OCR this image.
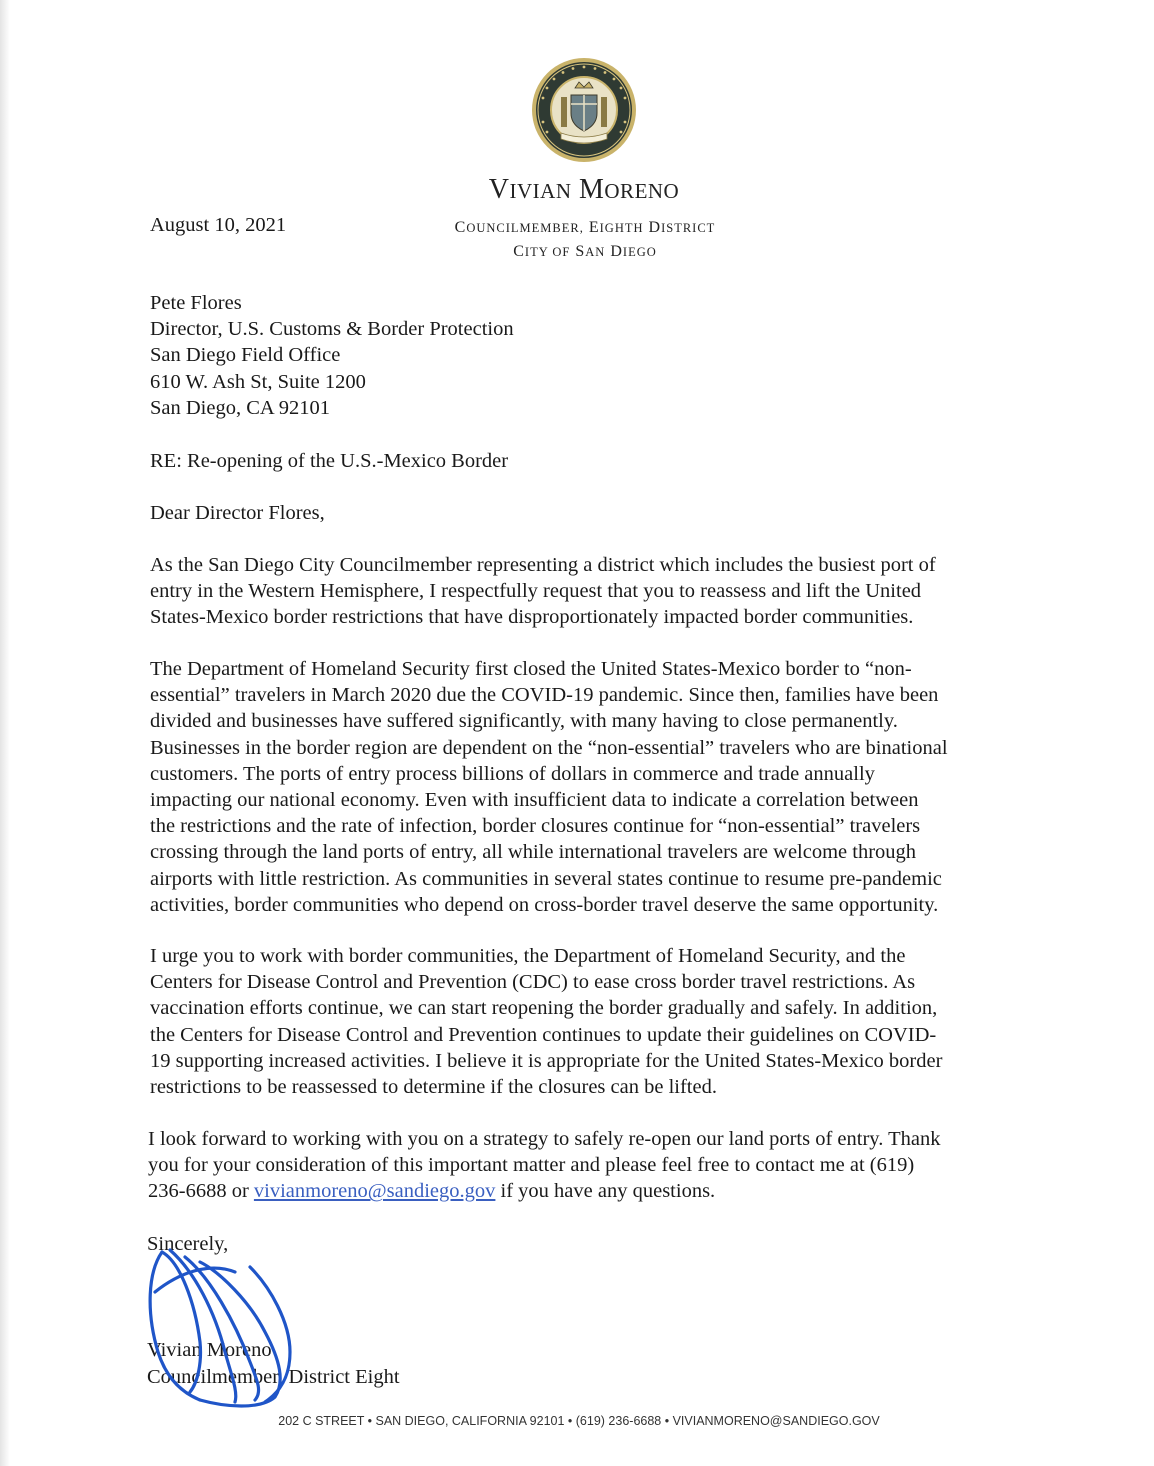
VIVIAN MORENO
COUNCILMEMBER, EIGHTH DISTRICT
CITY OF SAN DIEGO
August 10, 2021
Pete Flores
Director, U.S. Customs & Border Protection
San Diego Field Office
610 W. Ash St, Suite 1200
San Diego, CA 92101
RE: Re-opening of the U.S.-Mexico Border
Dear Director Flores,
As the San Diego City Councilmember representing a district which includes the busiest port of
entry in the Western Hemisphere, I respectfully request that you to reassess and lift the United
States-Mexico border restrictions that have disproportionately impacted border communities.
The Department of Homeland Security first closed the United States-Mexico border to “non-
essential” travelers in March 2020 due the COVID-19 pandemic. Since then, families have been
divided and businesses have suffered significantly, with many having to close permanently.
Businesses in the border region are dependent on the “non-essential” travelers who are binational
customers. The ports of entry process billions of dollars in commerce and trade annually
impacting our national economy. Even with insufficient data to indicate a correlation between
the restrictions and the rate of infection, border closures continue for “non-essential” travelers
crossing through the land ports of entry, all while international travelers are welcome through
airports with little restriction. As communities in several states continue to resume pre-pandemic
activities, border communities who depend on cross-border travel deserve the same opportunity.
I urge you to work with border communities, the Department of Homeland Security, and the
Centers for Disease Control and Prevention (CDC) to ease cross border travel restrictions. As
vaccination efforts continue, we can start reopening the border gradually and safely. In addition,
the Centers for Disease Control and Prevention continues to update their guidelines on COVID-
19 supporting increased activities. I believe it is appropriate for the United States-Mexico border
restrictions to be reassessed to determine if the closures can be lifted.
I look forward to working with you on a strategy to safely re-open our land ports of entry. Thank
you for your consideration of this important matter and please feel free to contact me at (619)
236-6688 or vivianmoreno@sandiego.gov if you have any questions.
Sincerely,
Vivian Moreno
Councilmember, District Eight
202 C STREET • SAN DIEGO, CALIFORNIA 92101 • (619) 236-6688 • VIVIANMORENO@SANDIEGO.GOV
